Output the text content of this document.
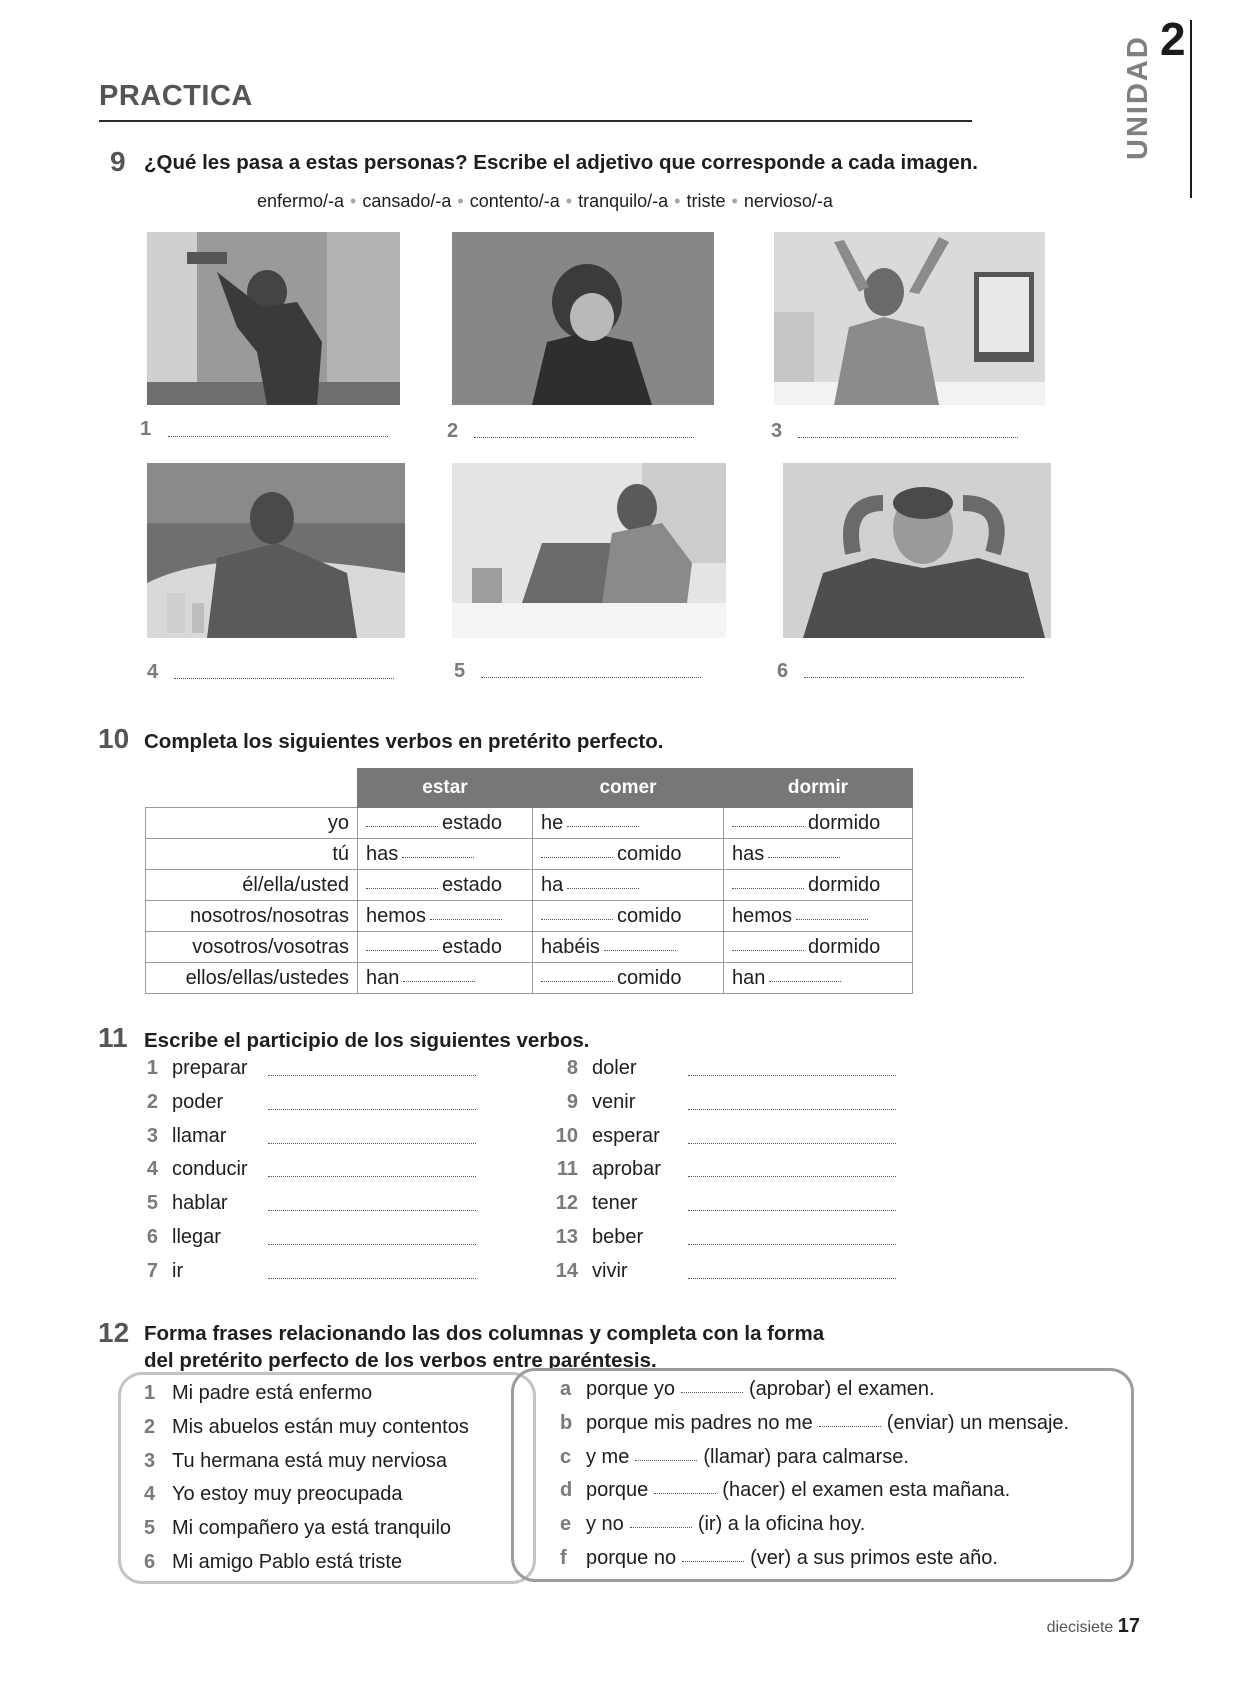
2
UNIDAD
PRACTICA
9 ¿Qué les pasa a estas personas? Escribe el adjetivo que corresponde a cada imagen.
enfermo/-a • cansado/-a • contento/-a • tranquilo/-a • triste • nervioso/-a
1	2	3
4	5	6
10 Completa los siguientes verbos en pretérito perfecto.
	estar	comer	dormir
yo	estado	he	dormido
tú	has	comido	has
él/ella/usted	estado	ha	dormido
nosotros/nosotras	hemos	comido	hemos
vosotros/vosotras	estado	habéis	dormido
ellos/ellas/ustedes	han	comido	han
11 Escribe el participio de los siguientes verbos.
1 preparar
2 poder
3 llamar
4 conducir
5 hablar
6 llegar
7 ir
8 doler
9 venir
10 esperar
11 aprobar
12 tener
13 beber
14 vivir
12 Forma frases relacionando las dos columnas y completa con la forma
del pretérito perfecto de los verbos entre paréntesis.
1 Mi padre está enfermo
2 Mis abuelos están muy contentos
3 Tu hermana está muy nerviosa
4 Yo estoy muy preocupada
5 Mi compañero ya está tranquilo
6 Mi amigo Pablo está triste
a porque yo	(aprobar) el examen.
b porque mis padres no me	(enviar) un mensaje.
c y me	(llamar) para calmarse.
d porque	(hacer) el examen esta mañana.
e y no	(ir) a la oficina hoy.
f porque no	(ver) a sus primos este año.
diecisiete 17
